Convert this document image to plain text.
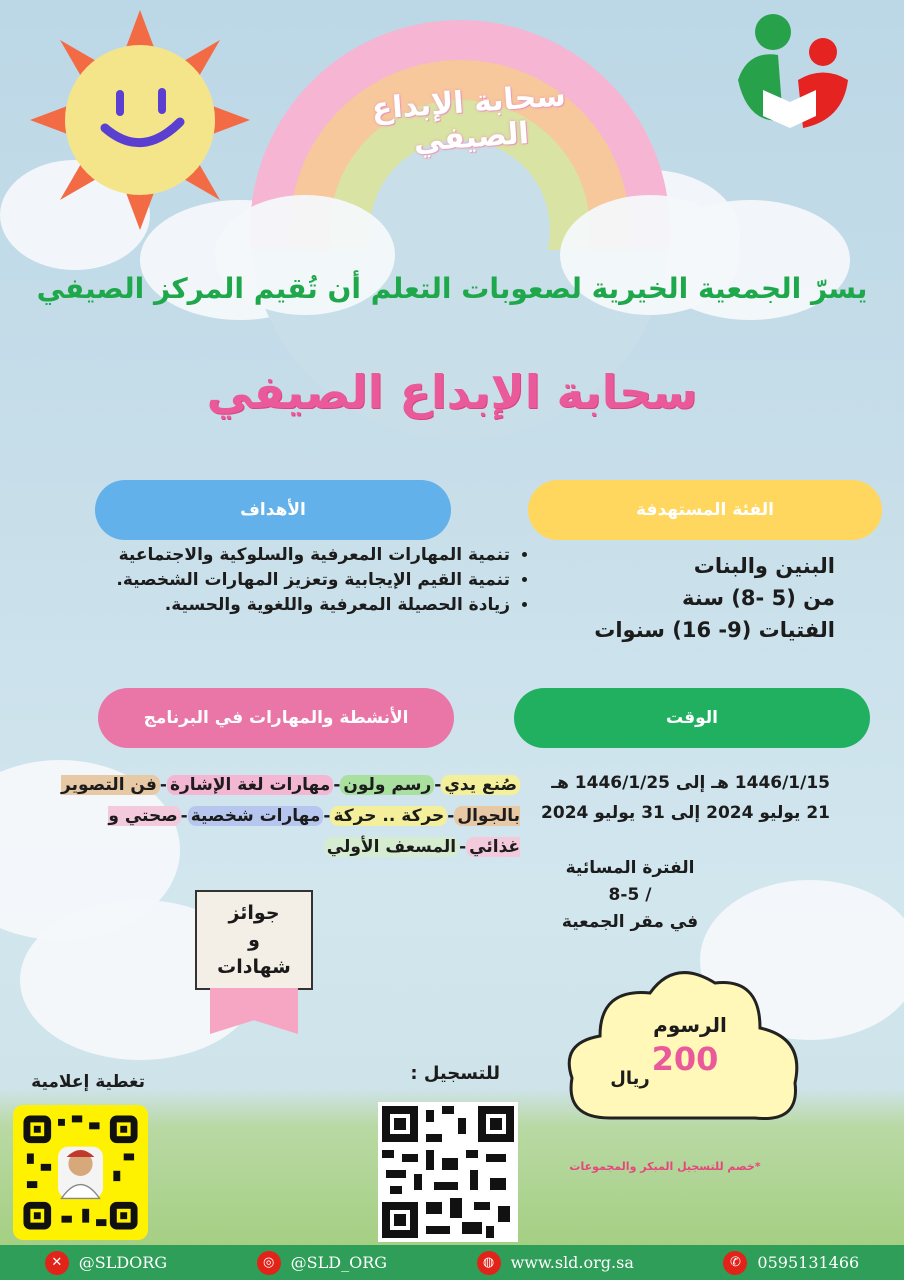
سحابة الإبداع الصيفي
يسرّ الجمعية الخيرية لصعوبات التعلم أن تُقيم المركز الصيفي
سحابة الإبداع الصيفي
الفئة المستهدفة
البنين والبنات
من (5 -8) سنة
الفتيات (9- 16) سنوات
الأهداف
• تنمية المهارات المعرفية والسلوكية والاجتماعية
• تنمية القيم الإيجابية وتعزيز المهارات الشخصية.
• زيادة الحصيلة المعرفية واللغوية والحسية.
الوقت
1446/1/15 هـ إلى 1446/1/25 هـ
21 يوليو 2024 إلى 31 يوليو 2024
الفترة المسائية / 5-8
في مقر الجمعية
الأنشطة والمهارات في البرنامج
صُنع يدي-رسم ولون-مهارات لغة الإشارة-فن التصوير بالجوال-حركة .. حركة-مهارات شخصية-صحتي و غذائي-المسعف الأولي
جوائز
و
شهادات
الرسوم
200
ريال
*خصم للتسجيل المبكر والمجموعات
للتسجيل :
تغطية إعلامية
✕	@SLDORG	◎	@SLD_ORG	◍	www.sld.org.sa	✆	0595131466
